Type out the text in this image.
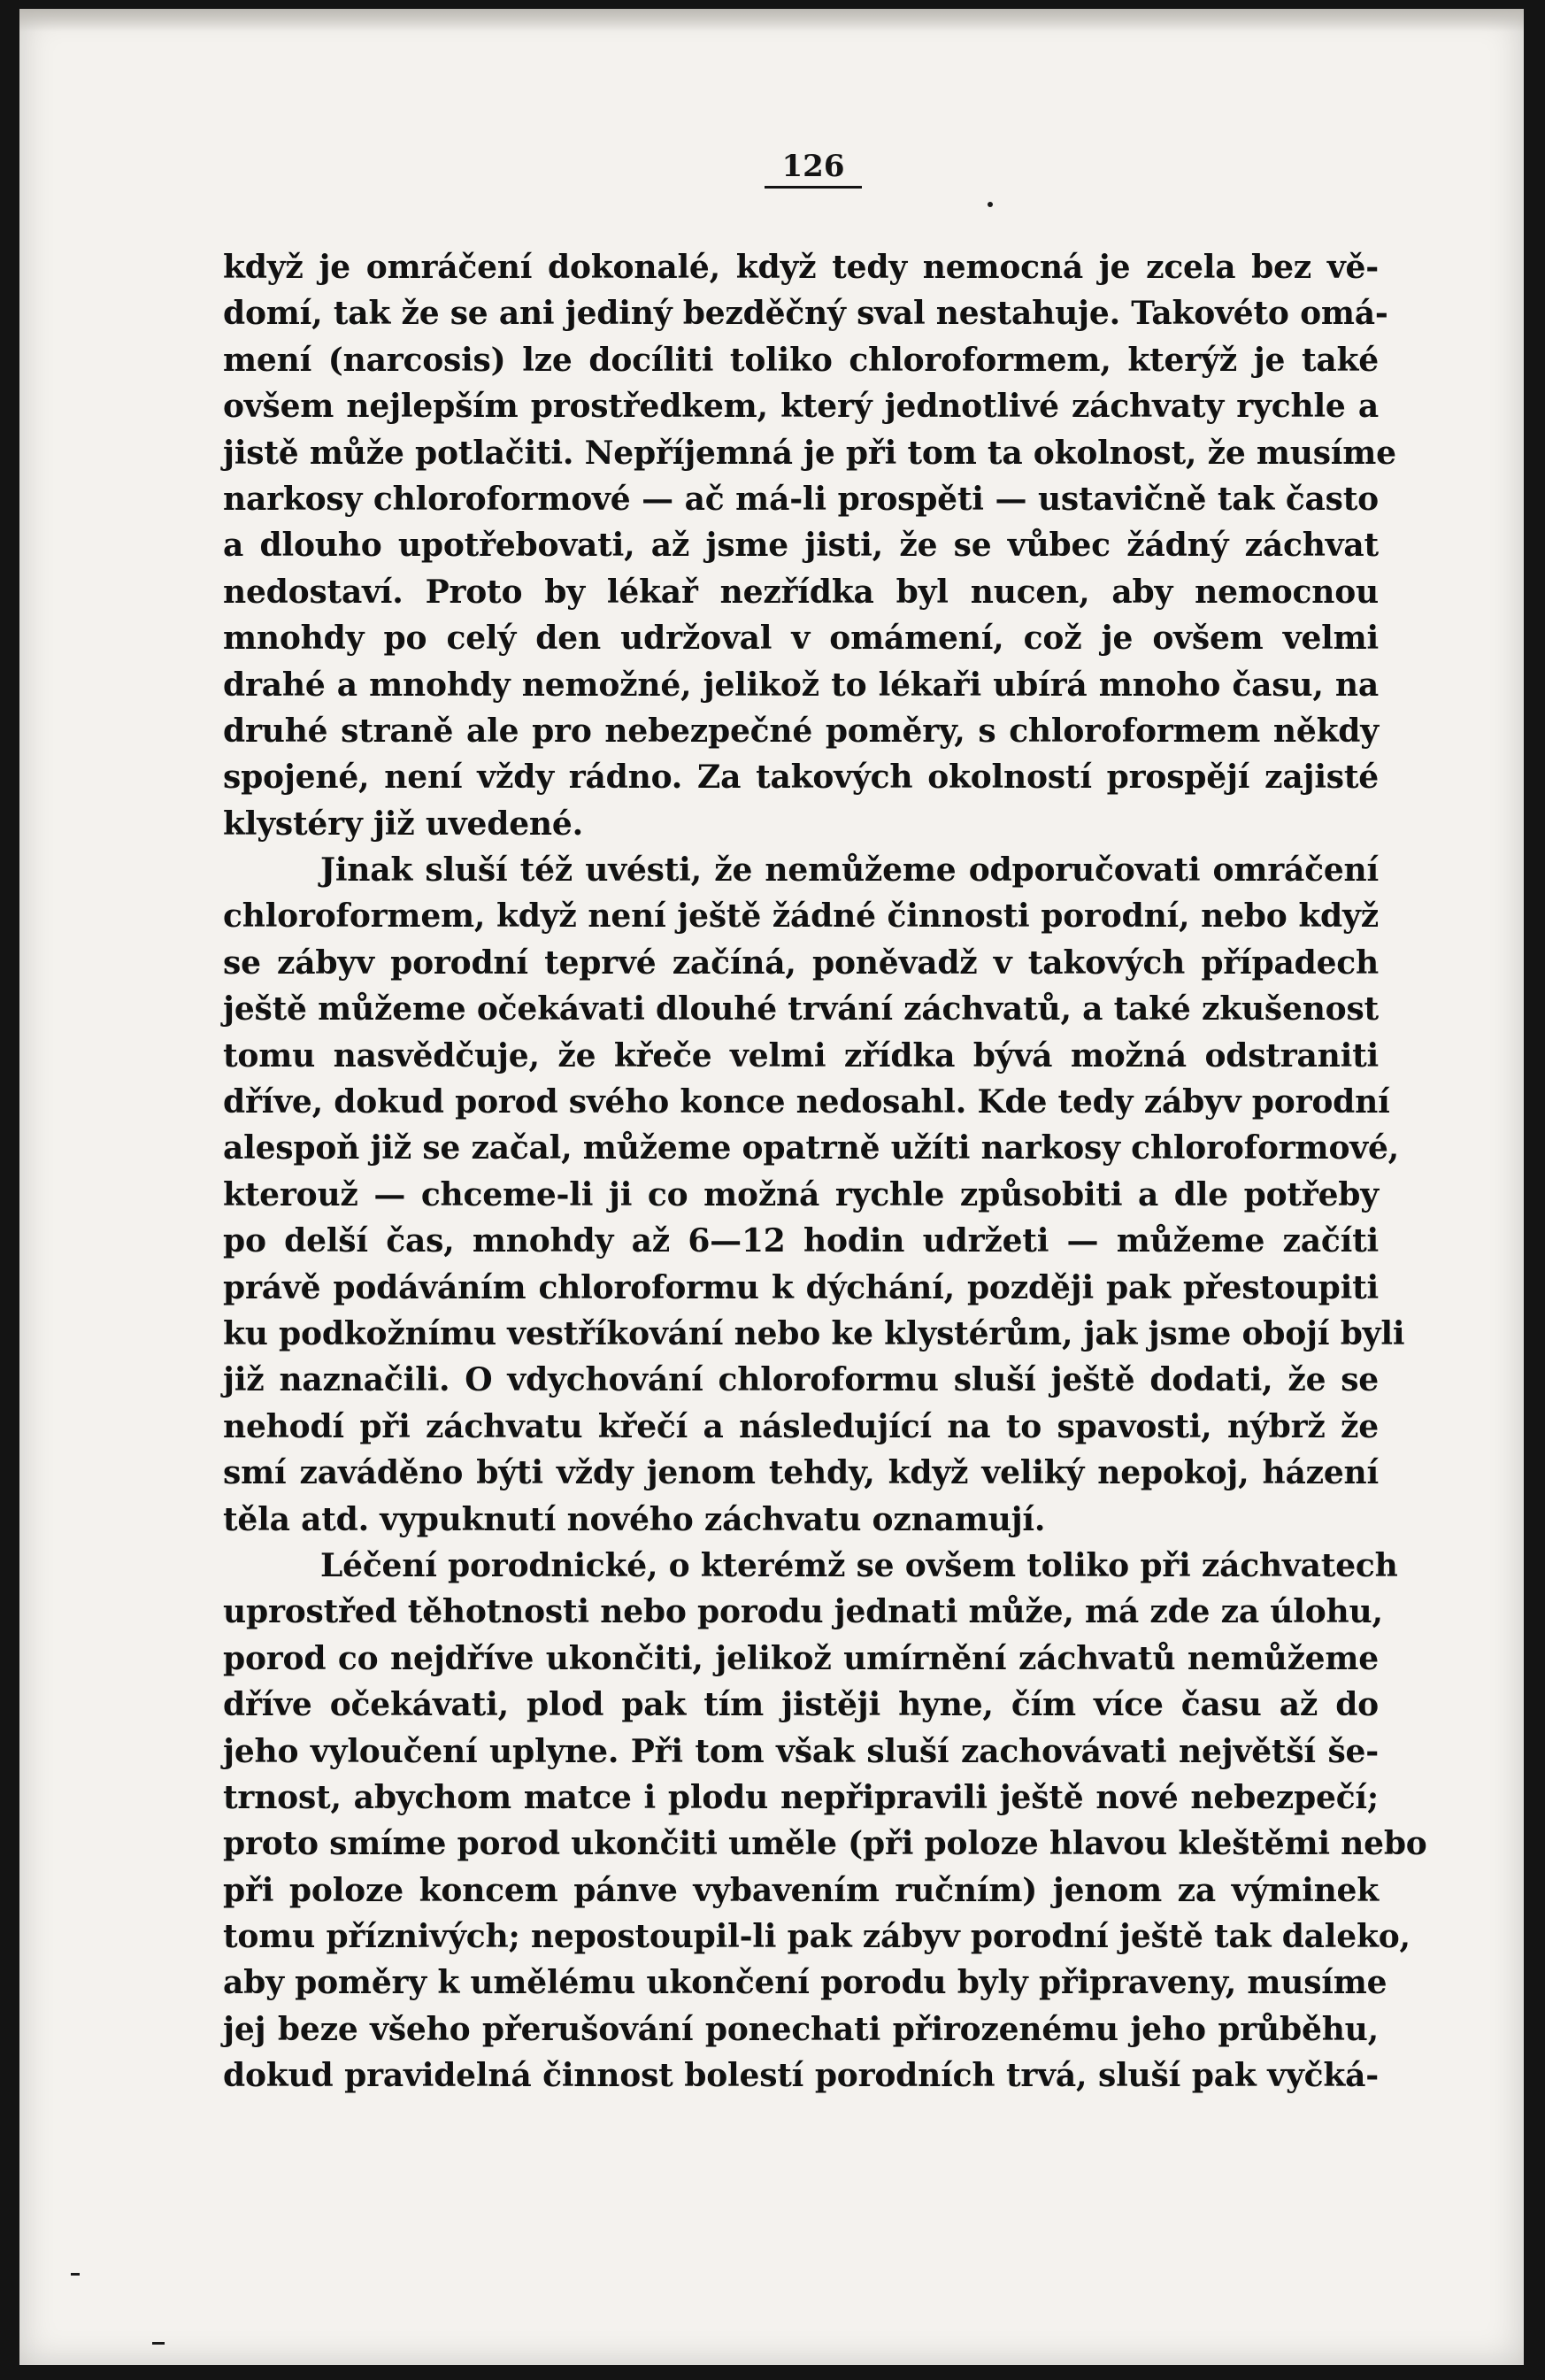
126
když je omráčení dokonalé, když tedy nemocná je zcela bez vě-
domí, tak že se ani jediný bezděčný sval nestahuje. Takovéto omá-
mení (narcosis) lze docíliti toliko chloroformem, kterýž je také
ovšem nejlepším prostředkem, který jednotlivé záchvaty rychle a
jistě může potlačiti. Nepříjemná je při tom ta okolnost, že musíme
narkosy chloroformové — ač má-li prospěti — ustavičně tak často
a dlouho upotřebovati, až jsme jisti, že se vůbec žádný záchvat
nedostaví. Proto by lékař nezřídka byl nucen, aby nemocnou
mnohdy po celý den udržoval v omámení, což je ovšem velmi
drahé a mnohdy nemožné, jelikož to lékaři ubírá mnoho času, na
druhé straně ale pro nebezpečné poměry, s chloroformem někdy
spojené, není vždy rádno. Za takových okolností prospějí zajisté
klystéry již uvedené.
Jinak sluší též uvésti, že nemůžeme odporučovati omráčení
chloroformem, když není ještě žádné činnosti porodní, nebo když
se zábyv porodní teprvé začíná, poněvadž v takových případech
ještě můžeme očekávati dlouhé trvání záchvatů, a také zkušenost
tomu nasvědčuje, že křeče velmi zřídka bývá možná odstraniti
dříve, dokud porod svého konce nedosahl. Kde tedy zábyv porodní
alespoň již se začal, můžeme opatrně užíti narkosy chloroformové,
kterouž — chceme-li ji co možná rychle způsobiti a dle potřeby
po delší čas, mnohdy až 6—12 hodin udržeti — můžeme začíti
právě podáváním chloroformu k dýchání, později pak přestoupiti
ku podkožnímu vestříkování nebo ke klystérům, jak jsme obojí byli
již naznačili. O vdychování chloroformu sluší ještě dodati, že se
nehodí při záchvatu křečí a následující na to spavosti, nýbrž že
smí zaváděno býti vždy jenom tehdy, když veliký nepokoj, házení
těla atd. vypuknutí nového záchvatu oznamují.
Léčení porodnické, o kterémž se ovšem toliko při záchvatech
uprostřed těhotnosti nebo porodu jednati může, má zde za úlohu,
porod co nejdříve ukončiti, jelikož umírnění záchvatů nemůžeme
dříve očekávati, plod pak tím jistěji hyne, čím více času až do
jeho vyloučení uplyne. Při tom však sluší zachovávati největší še-
trnost, abychom matce i plodu nepřipravili ještě nové nebezpečí;
proto smíme porod ukončiti uměle (při poloze hlavou kleštěmi nebo
při poloze koncem pánve vybavením ručním) jenom za výminek
tomu příznivých; nepostoupil-li pak zábyv porodní ještě tak daleko,
aby poměry k umělému ukončení porodu byly připraveny, musíme
jej beze všeho přerušování ponechati přirozenému jeho průběhu,
dokud pravidelná činnost bolestí porodních trvá, sluší pak vyčká-
